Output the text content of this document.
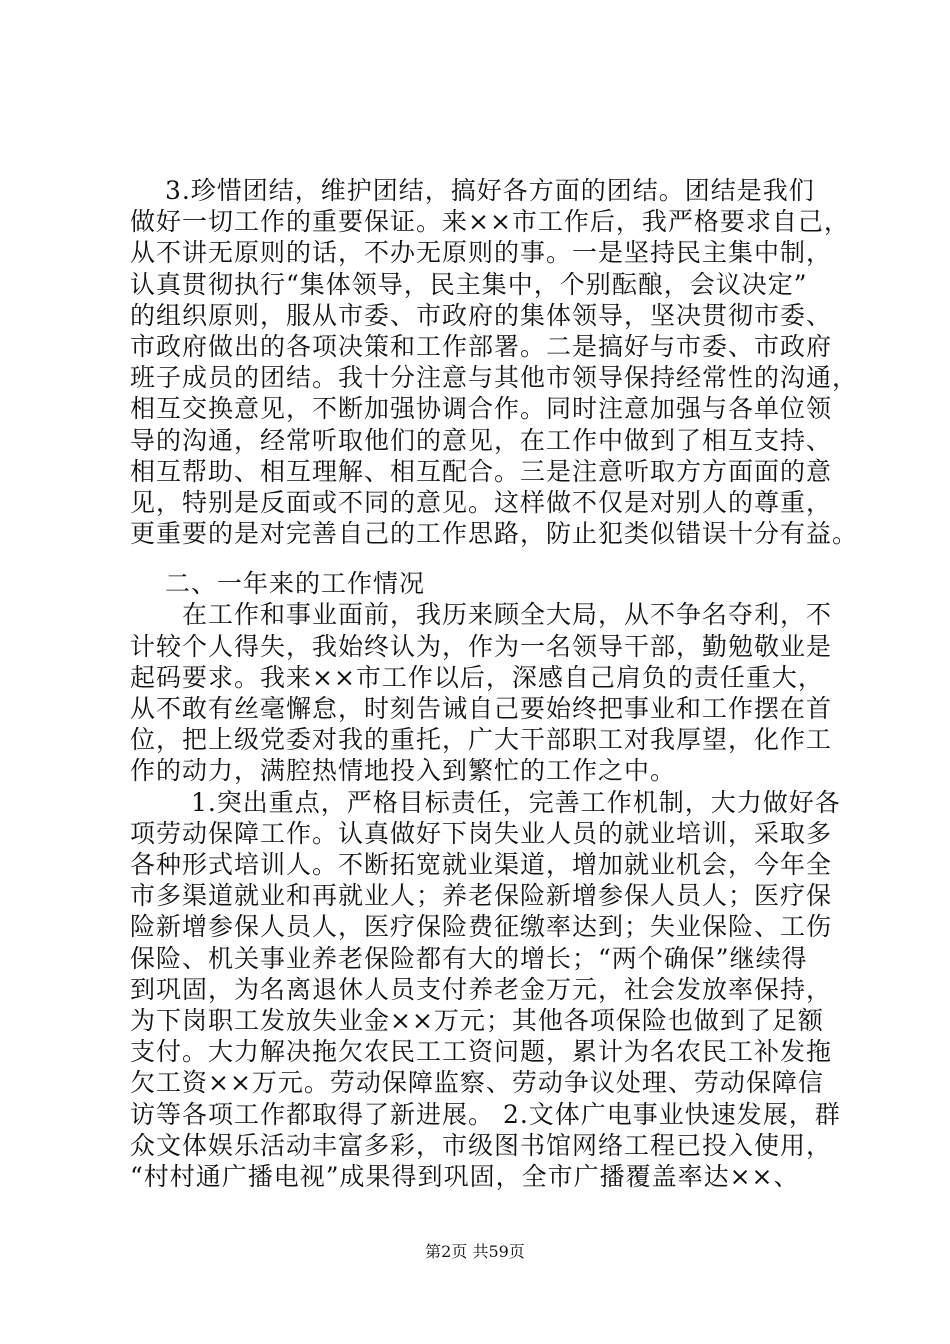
　 3.珍惜团结，维护团结，搞好各方面的团结。团结是我们
做好一切工作的重要保证。来××市工作后，我严格要求自己，
从不讲无原则的话，不办无原则的事。一是坚持民主集中制，
认真贯彻执行“集体领导，民主集中，个别酝酿，会议决定”
的组织原则，服从市委、市政府的集体领导，坚决贯彻市委、
市政府做出的各项决策和工作部署。二是搞好与市委、市政府
班子成员的团结。我十分注意与其他市领导保持经常性的沟通，
相互交换意见，不断加强协调合作。同时注意加强与各单位领
导的沟通，经常听取他们的意见，在工作中做到了相互支持、
相互帮助、相互理解、相互配合。三是注意听取方方面面的意
见，特别是反面或不同的意见。这样做不仅是对别人的尊重，
更重要的是对完善自己的工作思路，防止犯类似错误十分有益。
　 二、一年来的工作情况
　　在工作和事业面前，我历来顾全大局，从不争名夺利，不
计较个人得失，我始终认为，作为一名领导干部，勤勉敬业是
起码要求。我来××市工作以后，深感自己肩负的责任重大，
从不敢有丝毫懈怠，时刻告诫自己要始终把事业和工作摆在首
位，把上级党委对我的重托，广大干部职工对我厚望，化作工
作的动力，满腔热情地投入到繁忙的工作之中。
　　 1.突出重点，严格目标责任，完善工作机制，大力做好各
项劳动保障工作。认真做好下岗失业人员的就业培训，采取多
各种形式培训人。不断拓宽就业渠道，增加就业机会，今年全
市多渠道就业和再就业人；养老保险新增参保人员人；医疗保
险新增参保人员人，医疗保险费征缴率达到；失业保险、工伤
保险、机关事业养老保险都有大的增长；“两个确保”继续得
到巩固，为名离退休人员支付养老金万元，社会发放率保持，
为下岗职工发放失业金××万元；其他各项保险也做到了足额
支付。大力解决拖欠农民工工资问题，累计为名农民工补发拖
欠工资××万元。劳动保障监察、劳动争议处理、劳动保障信
访等各项工作都取得了新进展。 2.文体广电事业快速发展，群
众文体娱乐活动丰富多彩，市级图书馆网络工程已投入使用，
“村村通广播电视”成果得到巩固，全市广播覆盖率达××、
第2页 共59页
